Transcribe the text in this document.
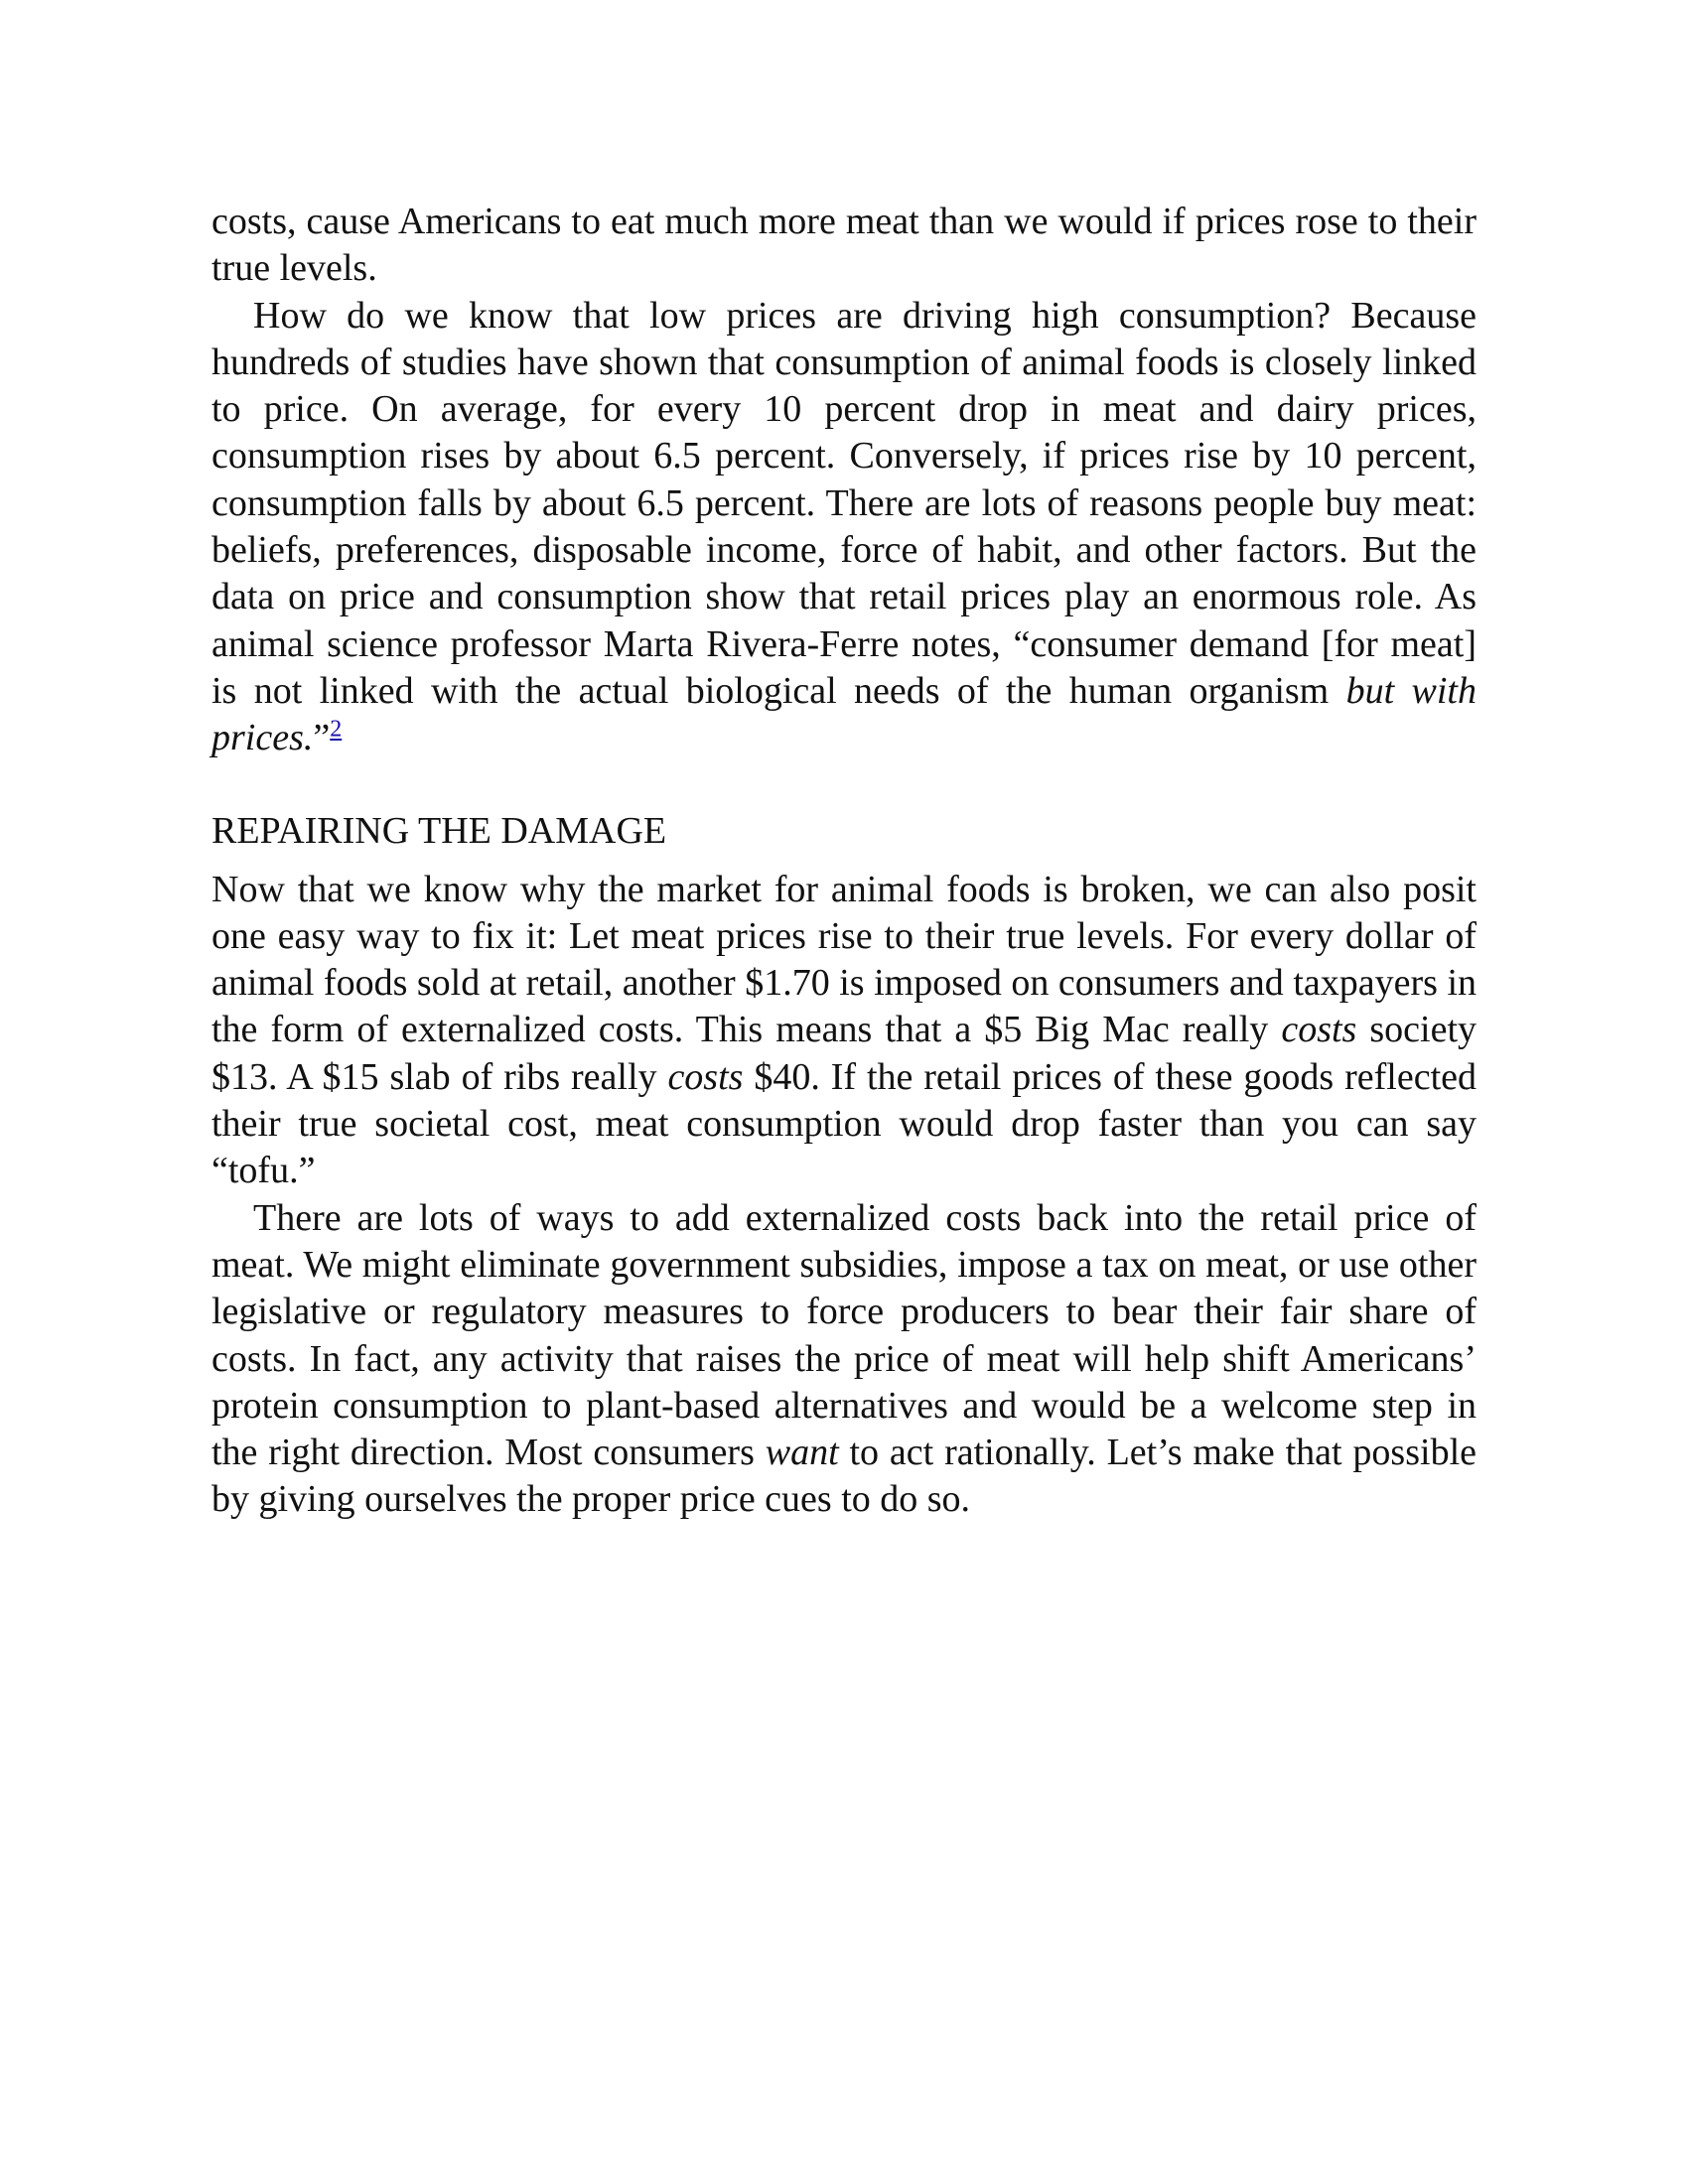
costs, cause Americans to eat much more meat than we would if prices rose to their true levels.

How do we know that low prices are driving high consumption? Because hundreds of studies have shown that consumption of animal foods is closely linked to price. On average, for every 10 percent drop in meat and dairy prices, consumption rises by about 6.5 percent. Conversely, if prices rise by 10 percent, consumption falls by about 6.5 percent. There are lots of reasons people buy meat: beliefs, preferences, disposable income, force of habit, and other factors. But the data on price and consumption show that retail prices play an enormous role. As animal science professor Marta Rivera-Ferre notes, “consumer demand [for meat] is not linked with the actual biological needs of the human organism but with prices.”$^2$

REPAIRING THE DAMAGE

Now that we know why the market for animal foods is broken, we can also posit one easy way to fix it: Let meat prices rise to their true levels. For every dollar of animal foods sold at retail, another $1.70 is imposed on consumers and taxpayers in the form of externalized costs. This means that a $5 Big Mac really costs society $13. A $15 slab of ribs really costs $40. If the retail prices of these goods reflected their true societal cost, meat consumption would drop faster than you can say “tofu.”

There are lots of ways to add externalized costs back into the retail price of meat. We might eliminate government subsidies, impose a tax on meat, or use other legislative or regulatory measures to force producers to bear their fair share of costs. In fact, any activity that raises the price of meat will help shift Americans’ protein consumption to plant-based alternatives and would be a welcome step in the right direction. Most consumers want to act rationally. Let’s make that possible by giving ourselves the proper price cues to do so.
